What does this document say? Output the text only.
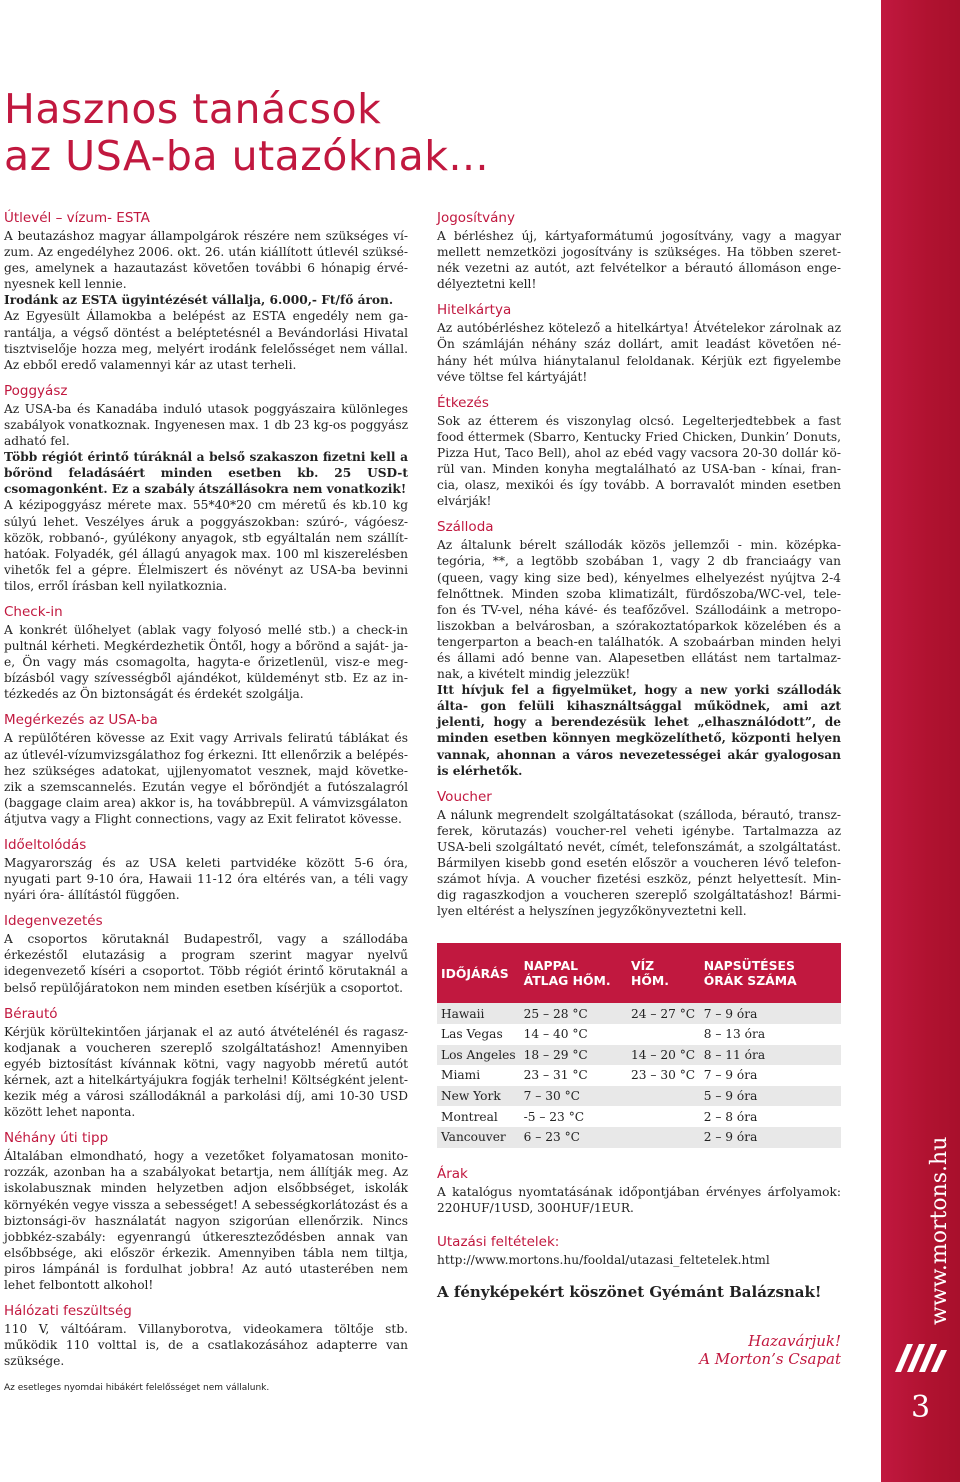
www.mortons.hu
3
Hasznos tanácsok
az USA-ba utazóknak...
Útlevél – vízum- ESTA

A beutazáshoz magyar állampolgárok részére nem szükséges ví- zum. Az engedélyhez 2006. okt. 26. után kiállított útlevél szüksé- ges, amelynek a hazautazást követően további 6 hónapig érvé- nyesnek kell lennie.

Irodánk az ESTA ügyintézését vállalja, 6.000,- Ft/fő áron.

Az Egyesült Államokba a belépést az ESTA engedély nem ga- rantálja, a végső döntést a beléptetésnél a Bevándorlási Hivatal tisztviselője hozza meg, melyért irodánk felelősséget nem vállal. Az ebből eredő valamennyi kár az utast terheli.

Poggyász

Az USA-ba és Kanadába induló utasok poggyászaira különleges szabályok vonatkoznak. Ingyenesen max. 1 db 23 kg-os poggyász adható fel.

Több régiót érintő túráknál a belső szakaszon fizetni kell a bőrönd feladásáért minden esetben kb. 25 USD-t csomagonként. Ez a szabály átszállásokra nem vonatkozik!

A kézipoggyász mérete max. 55*40*20 cm méretű és kb.10 kg súlyú lehet. Veszélyes áruk a poggyászokban: szúró-, vágóesz- közök, robbanó-, gyúlékony anyagok, stb egyáltalán nem szállít- hatóak. Folyadék, gél állagú anyagok max. 100 ml kiszerelésben vihetők fel a gépre. Élelmiszert és növényt az USA-ba bevinni tilos, erről írásban kell nyilatkoznia.

Check-in

A konkrét ülőhelyet (ablak vagy folyosó mellé stb.) a check-in pultnál kérheti. Megkérdezhetik Öntől, hogy a bőrönd a saját- ja-e, Ön vagy más csomagolta, hagyta-e őrizetlenül, visz-e meg- bízásból vagy szívességből ajándékot, küldeményt stb. Ez az in- tézkedés az Ön biztonságát és érdekét szolgálja.

Megérkezés az USA-ba

A repülőtéren kövesse az Exit vagy Arrivals feliratú táblákat és az útlevél-vízumvizsgálathoz fog érkezni. Itt ellenőrzik a belépés- hez szükséges adatokat, ujjlenyomatot vesznek, majd követke- zik a szemscannelés. Ezután vegye el bőröndjét a futószalagról (baggage claim area) akkor is, ha továbbrepül. A vámvizsgálaton átjutva vagy a Flight connections, vagy az Exit feliratot kövesse.

Időeltolódás

Magyarország és az USA keleti partvidéke között 5-6 óra, nyugati part 9-10 óra, Hawaii 11-12 óra eltérés van, a téli vagy nyári óra- állítástól függően.

Idegenvezetés

A csoportos körutaknál Budapestről, vagy a szállodába érkezéstől elutazásig a program szerint magyar nyelvű idegenvezető kíséri a csoportot. Több régiót érintő körutaknál a belső repülőjáratokon nem minden esetben kísérjük a csoportot.

Bérautó

Kérjük körültekintően járjanak el az autó átvételénél és ragasz- kodjanak a voucheren szereplő szolgáltatáshoz! Amennyiben egyéb biztosítást kívánnak kötni, vagy nagyobb méretű autót kérnek, azt a hitelkártyájukra fogják terhelni! Költségként jelent- kezik még a városi szállodáknál a parkolási díj, ami 10-30 USD között lehet naponta.

Néhány úti tipp

Általában elmondható, hogy a vezetőket folyamatosan monito- rozzák, azonban ha a szabályokat betartja, nem állítják meg. Az iskolabusznak minden helyzetben adjon elsőbbséget, iskolák környékén vegye vissza a sebességet! A sebességkorlátozást és a biztonsági-öv használatát nagyon szigorúan ellenőrzik. Nincs jobbkéz-szabály: egyenrangú útkereszteződésben annak van elsőbbsége, aki először érkezik. Amennyiben tábla nem tiltja, piros lámpánál is fordulhat jobbra! Az autó utasterében nem lehet felbontott alkohol!

Hálózati feszültség

110 V, váltóáram. Villanyborotva, videokamera töltője stb. működik 110 volttal is, de a csatlakozásához adapterre van szüksége.

Jogosítvány

A bérléshez új, kártyaformátumú jogosítvány, vagy a magyar mellett nemzetközi jogosítvány is szükséges. Ha többen szeret- nék vezetni az autót, azt felvételkor a bérautó állomáson enge- délyeztetni kell!

Hitelkártya

Az autóbérléshez kötelező a hitelkártya! Átvételekor zárolnak az Ön számláján néhány száz dollárt, amit leadást követően né- hány hét múlva hiánytalanul feloldanak. Kérjük ezt figyelembe véve töltse fel kártyáját!

Étkezés

Sok az étterem és viszonylag olcsó. Legelterjedtebbek a fast food éttermek (Sbarro, Kentucky Fried Chicken, Dunkin’ Donuts, Pizza Hut, Taco Bell), ahol az ebéd vagy vacsora 20-30 dollár kö- rül van. Minden konyha megtalálható az USA-ban - kínai, fran- cia, olasz, mexikói és így tovább. A borravalót minden esetben elvárják!

Szálloda

Az általunk bérelt szállodák közös jellemzői - min. középka- tegória, **, a legtöbb szobában 1, vagy 2 db franciaágy van (queen, vagy king size bed), kényelmes elhelyezést nyújtva 2-4 felnőttnek. Minden szoba klimatizált, fürdőszoba/WC-vel, tele- fon és TV-vel, néha kávé- és teafőzővel. Szállodáink a metropo- liszokban a belvárosban, a szórakoztatóparkok közelében és a tengerparton a beach-en találhatók. A szobaárban minden helyi és állami adó benne van. Alapesetben ellátást nem tartalmaz- nak, a kivételt mindig jelezzük!

Itt hívjuk fel a figyelmüket, hogy a new yorki szállodák álta- gon felüli kihasználtsággal működnek, ami azt jelenti, hogy a berendezésük lehet „elhasználódott”, de minden esetben könnyen megközelíthető, központi helyen vannak, ahonnan a város nevezetességei akár gyalogosan is elérhetők.

Voucher

A nálunk megrendelt szolgáltatásokat (szálloda, bérautó, transz- ferek, körutazás) voucher-rel veheti igénybe. Tartalmazza az USA-beli szolgáltató nevét, címét, telefonszámát, a szolgáltatást. Bármilyen kisebb gond esetén először a voucheren lévő telefon- számot hívja. A voucher fizetési eszköz, pénzt helyettesít. Min- dig ragaszkodjon a voucheren szereplő szolgáltatáshoz! Bármi- lyen eltérést a helyszínen jegyzőkönyveztetni kell.

IDŐJÁRÁS	NAPPAL ÁTLAG HŐM.	VÍZ HŐM.	NAPSÜTÉSES ÓRÁK SZÁMA
Hawaii	25 – 28 °C	24 – 27 °C	7 – 9 óra
Las Vegas	14 – 40 °C		8 – 13 óra
Los Angeles	18 – 29 °C	14 – 20 °C	8 – 11 óra
Miami	23 – 31 °C	23 – 30 °C	7 – 9 óra
New York	7 – 30 °C		5 – 9 óra
Montreal	-5 – 23 °C		2 – 8 óra
Vancouver	6 – 23 °C		2 – 9 óra
Árak

A katalógus nyomtatásának időpontjában érvényes árfolyamok: 220HUF/1USD, 300HUF/1EUR.

Utazási feltételek:

http://www.mortons.hu/fooldal/utazasi_feltetelek.html

A fényképekért köszönet Gyémánt Balázsnak!
Hazavárjuk!
A Morton’s Csapat
Az esetleges nyomdai hibákért felelősséget nem vállalunk.
